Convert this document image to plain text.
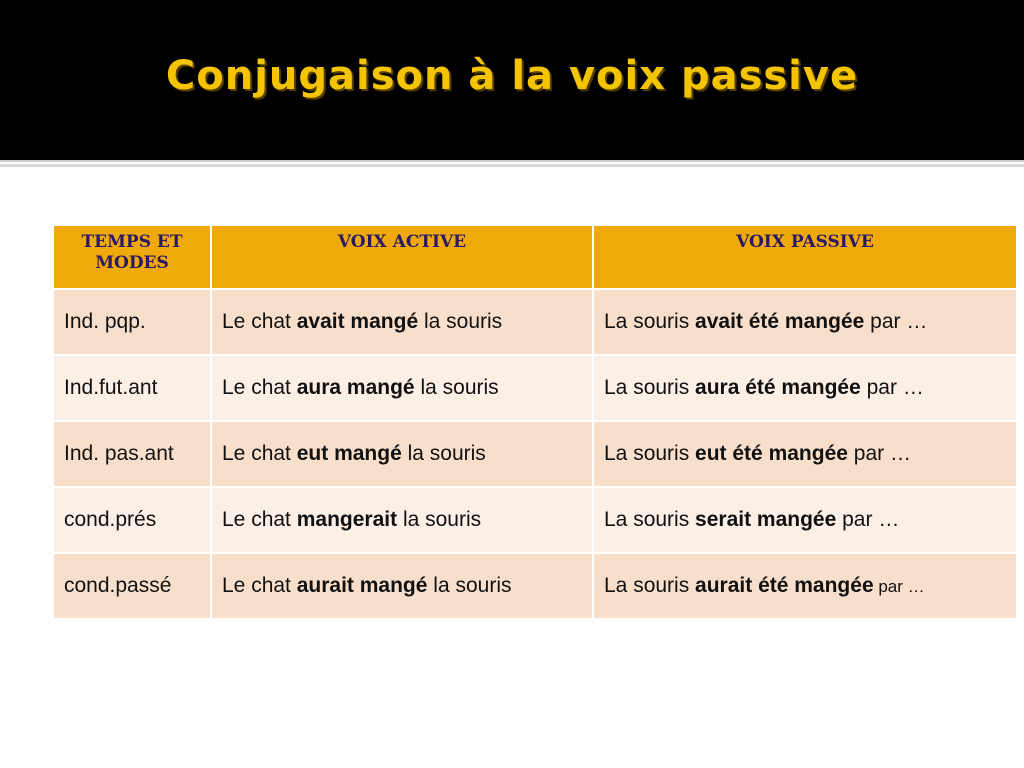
Conjugaison à la voix passive
TEMPS ET MODES	VOIX ACTIVE	VOIX PASSIVE
Ind. pqp.	Le chat avait mangé la souris	La souris avait été mangée par …
Ind.fut.ant	Le chat aura mangé la souris	La souris aura été mangée par …
Ind. pas.ant	Le chat eut mangé la souris	La souris eut été mangée par …
cond.prés	Le chat mangerait la souris	La souris serait mangée par …
cond.passé	Le chat aurait mangé la souris	La souris aurait été mangée par …
